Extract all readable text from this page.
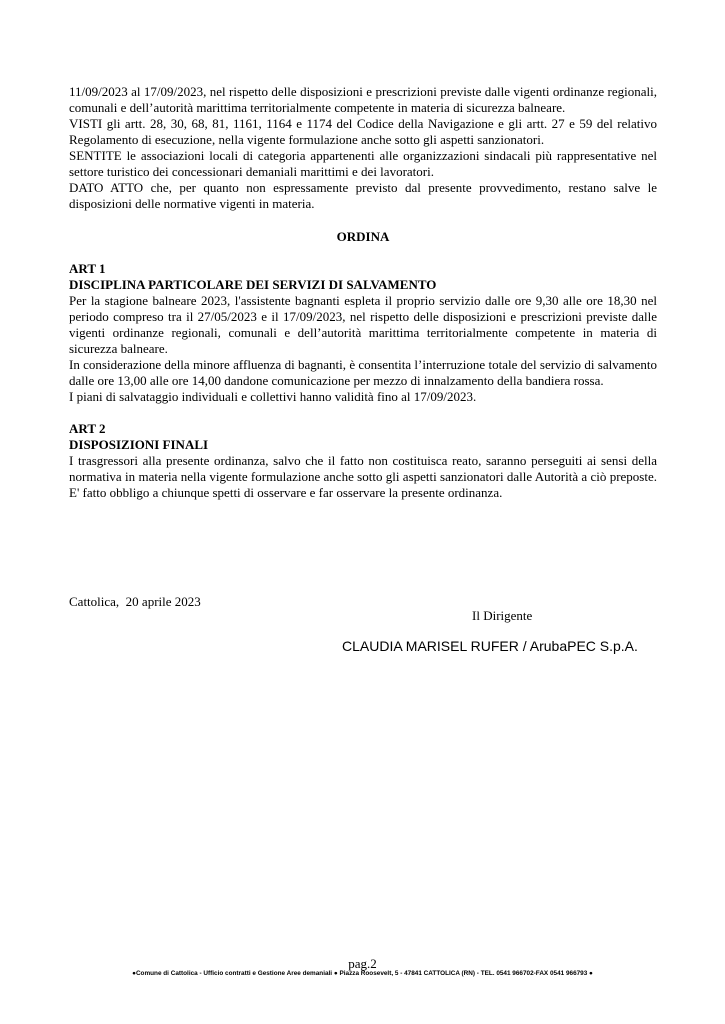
11/09/2023 al 17/09/2023, nel rispetto delle disposizioni e prescrizioni previste dalle vigenti ordinanze regionali, comunali e dell’autorità marittima territorialmente competente in materia di sicurezza balneare.

VISTI gli artt. 28, 30, 68, 81, 1161, 1164 e 1174 del Codice della Navigazione e gli artt. 27 e 59 del relativo Regolamento di esecuzione, nella vigente formulazione anche sotto gli aspetti sanzionatori.

SENTITE le associazioni locali di categoria appartenenti alle organizzazioni sindacali più rappresentative nel settore turistico dei concessionari demaniali marittimi e dei lavoratori.

DATO ATTO che, per quanto non espressamente previsto dal presente provvedimento, restano salve le disposizioni delle normative vigenti in materia.

ORDINA

ART 1

DISCIPLINA PARTICOLARE DEI SERVIZI DI SALVAMENTO

Per la stagione balneare 2023, l'assistente bagnanti espleta il proprio servizio dalle ore 9,30 alle ore 18,30 nel periodo compreso tra il 27/05/2023 e il 17/09/2023, nel rispetto delle disposizioni e prescrizioni previste dalle vigenti ordinanze regionali, comunali e dell’autorità marittima territorialmente competente in materia di sicurezza balneare.

In considerazione della minore affluenza di bagnanti, è consentita l’interruzione totale del servizio di salvamento dalle ore 13,00 alle ore 14,00 dandone comunicazione per mezzo di innalzamento della bandiera rossa.

I piani di salvataggio individuali e collettivi hanno validità fino al 17/09/2023.

ART 2

DISPOSIZIONI FINALI

I trasgressori alla presente ordinanza, salvo che il fatto non costituisca reato, saranno perseguiti ai sensi della normativa in materia nella vigente formulazione anche sotto gli aspetti sanzionatori dalle Autorità a ciò preposte. E' fatto obbligo a chiunque spetti di osservare e far osservare la presente ordinanza.

Cattolica,  20 aprile 2023
Il Dirigente
CLAUDIA MARISEL RUFER / ArubaPEC S.p.A.
pag.2
●Comune di Cattolica - Ufficio contratti e Gestione Aree demaniali ● Piazza Roosevelt, 5 - 47841 CATTOLICA (RN) - TEL. 0541 966702-FAX 0541 966793 ●
